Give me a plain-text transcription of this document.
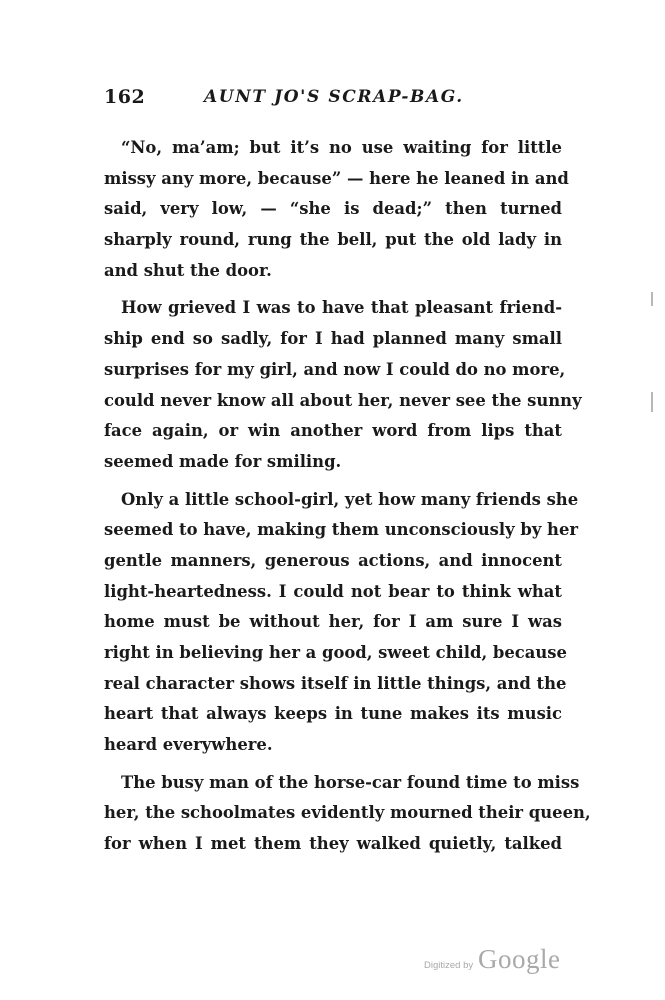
162	AUNT JO'S SCRAP-BAG.
“No, ma’am; but it’s no use waiting for little
missy any more, because” — here he leaned in and
said, very low, — “she is dead;” then turned
sharply round, rung the bell, put the old lady in
and shut the door.
How grieved I was to have that pleasant friend-
ship end so sadly, for I had planned many small
surprises for my girl, and now I could do no more,
could never know all about her, never see the sunny
face again, or win another word from lips that
seemed made for smiling.
Only a little school-girl, yet how many friends she
seemed to have, making them unconsciously by her
gentle manners, generous actions, and innocent
light-heartedness. I could not bear to think what
home must be without her, for I am sure I was
right in believing her a good, sweet child, because
real character shows itself in little things, and the
heart that always keeps in tune makes its music
heard everywhere.
The busy man of the horse-car found time to miss
her, the schoolmates evidently mourned their queen,
for when I met them they walked quietly, talked
Digitized by Google
